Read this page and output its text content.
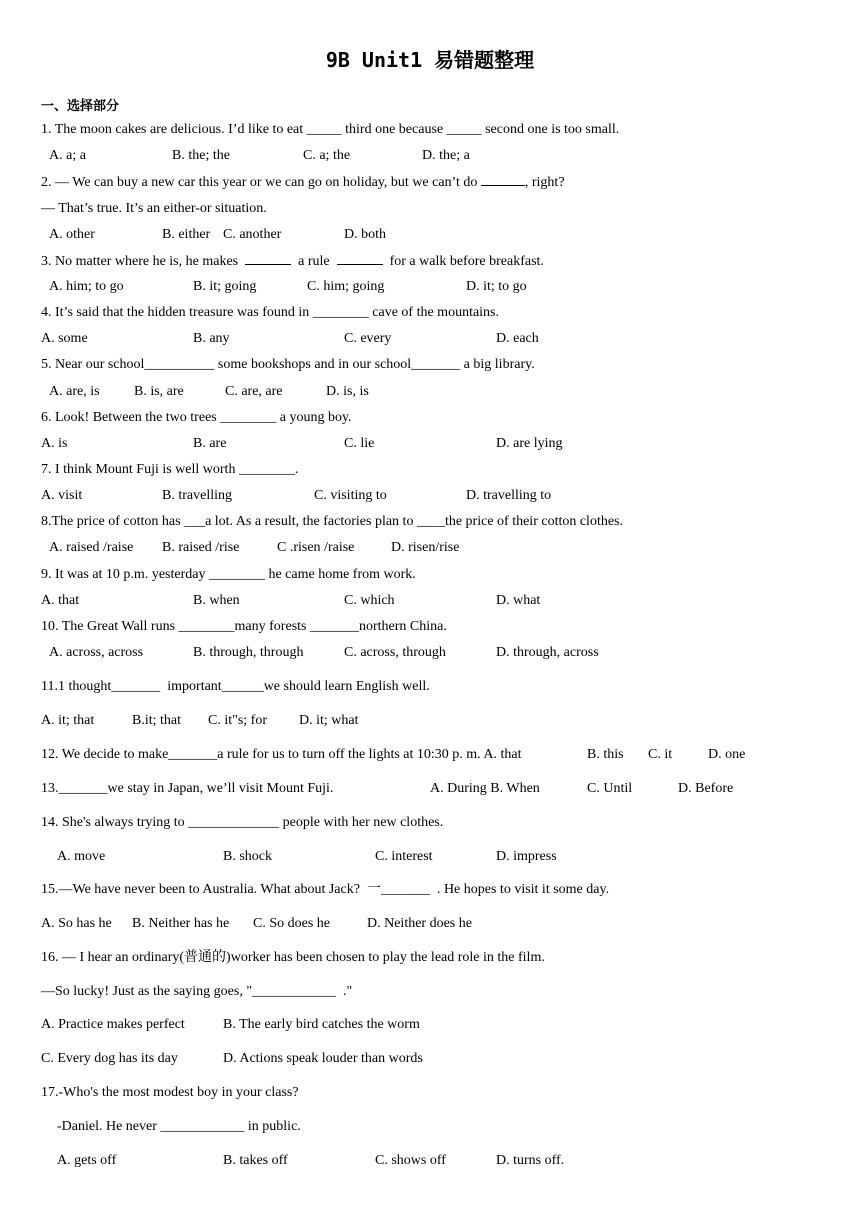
9B Unit1 易错题整理
一、选择部分
1. The moon cakes are delicious. I’d like to eat _____ third one because _____ second one is too small.
A. a; a	B. the; the	C. a; the	D. the; a
2. — We can buy a new car this year or we can go on holiday, but we can’t do	, right?
— That’s true. It’s an either-or situation.
A. other	B. either C. another	D. both
3. No matter where he is, he makes	a rule	for a walk before breakfast.
A. him; to go	B. it; going	C. him; going	D. it; to go
4. It’s said that the hidden treasure was found in ________ cave of the mountains.
A. some	B. any	C. every	D. each
5. Near our school__________ some bookshops and in our school_______ a big library.
A. are, is B. is, are	C. are, are	D. is, is
6. Look! Between the two trees ________ a young boy.
A. is	B. are	C. lie	D. are lying
7. I think Mount Fuji is well worth ________.
A. visit	B. travelling	C. visiting to	D. travelling to
8.The price of cotton has ___a lot. As a result, the factories plan to ____the price of their cotton clothes.
A. raised /raise B. raised /rise	C .risen /raise	D. risen/rise
9. It was at 10 p.m. yesterday ________ he came home from work.
A. that	B. when	C. which	D. what
10. The Great Wall runs ________many forests _______northern China.
A. across, across	B. through, through	C. across, through	D. through, across
11.1 thought_______  important______we should learn English well.
A. it; that	B.it; that C. it"s; for D. it; what
12. We decide to make_______a rule for us to turn off the lights at 10:30 p. m. A. that	B. this C. it	D. one
13._______we stay in Japan, we’ll visit Mount Fuji.	A. During B. When	C. Until	D. Before
14. She's always trying to _____________ people with her new clothes.
A. move	B. shock	C. interest	D. impress
15.—We have never been to Australia. What about Jack?  一_______  . He hopes to visit it some day.
A. So has he B. Neither has he C. So does he	D. Neither does he
16. — I hear an ordinary(普通的)worker has been chosen to play the lead role in the film.
—So lucky! Just as the saying goes, "____________  ."
A. Practice makes perfect	B. The early bird catches the worm
C. Every dog has its day	D. Actions speak louder than words
17.-Who's the most modest boy in your class?
-Daniel. He never ____________ in public.
A. gets off	B. takes off	C. shows off	D. turns off.
